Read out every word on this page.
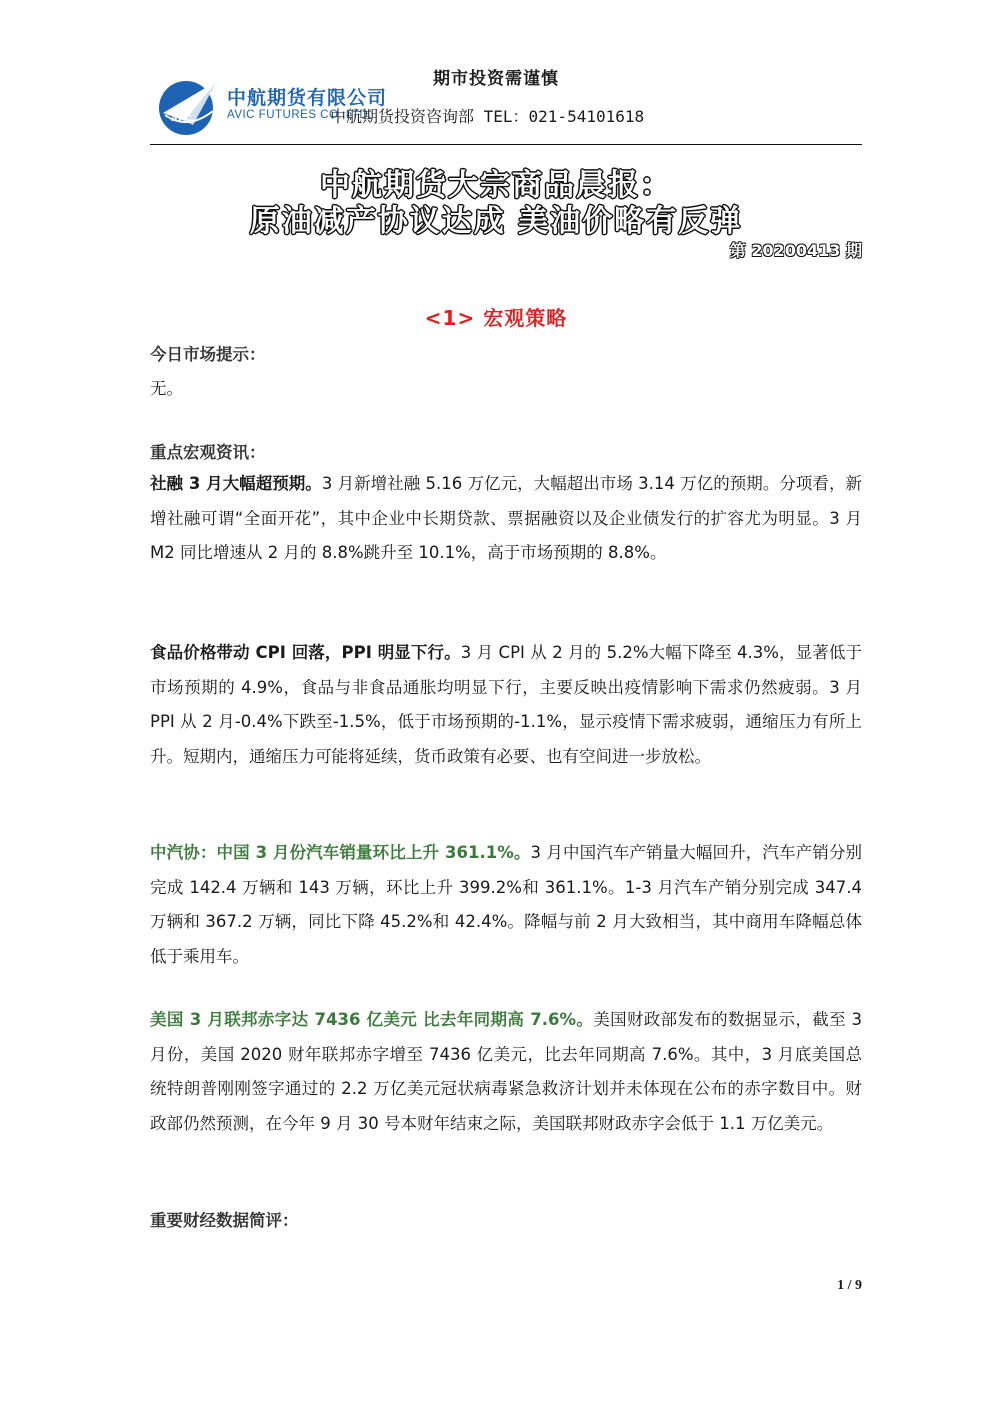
期市投资需谨慎
AVIC
中航期货有限公司
AVIC FUTURES CO.,LTD.
中航期货投资咨询部 TEL：021-54101618
中航期货大宗商品晨报：
原油减产协议达成 美油价略有反弹
第 20200413 期
<1> 宏观策略
今日市场提示：
无。
重点宏观资讯：
社融 3 月大幅超预期。3 月新增社融 5.16 万亿元，大幅超出市场 3.14 万亿的预期。分项看，新增社融可谓“全面开花”，其中企业中长期贷款、票据融资以及企业债发行的扩容尤为明显。3 月 M2 同比增速从 2 月的 8.8%跳升至 10.1%，高于市场预期的 8.8%。
食品价格带动 CPI 回落，PPI 明显下行。3 月 CPI 从 2 月的 5.2%大幅下降至 4.3%，显著低于市场预期的 4.9%，食品与非食品通胀均明显下行，主要反映出疫情影响下需求仍然疲弱。3 月 PPI 从 2 月-0.4%下跌至-1.5%，低于市场预期的-1.1%，显示疫情下需求疲弱，通缩压力有所上升。短期内，通缩压力可能将延续，货币政策有必要、也有空间进一步放松。
中汽协：中国 3 月份汽车销量环比上升 361.1%。3 月中国汽车产销量大幅回升，汽车产销分别完成 142.4 万辆和 143 万辆，环比上升 399.2%和 361.1%。1-3 月汽车产销分别完成 347.4 万辆和 367.2 万辆，同比下降 45.2%和 42.4%。降幅与前 2 月大致相当，其中商用车降幅总体低于乘用车。
美国 3 月联邦赤字达 7436 亿美元 比去年同期高 7.6%。美国财政部发布的数据显示，截至 3 月份，美国 2020 财年联邦赤字增至 7436 亿美元，比去年同期高 7.6%。其中，3 月底美国总统特朗普刚刚签字通过的 2.2 万亿美元冠状病毒紧急救济计划并未体现在公布的赤字数目中。财政部仍然预测，在今年 9 月 30 号本财年结束之际，美国联邦财政赤字会低于 1.1 万亿美元。
重要财经数据简评：
1 / 9
